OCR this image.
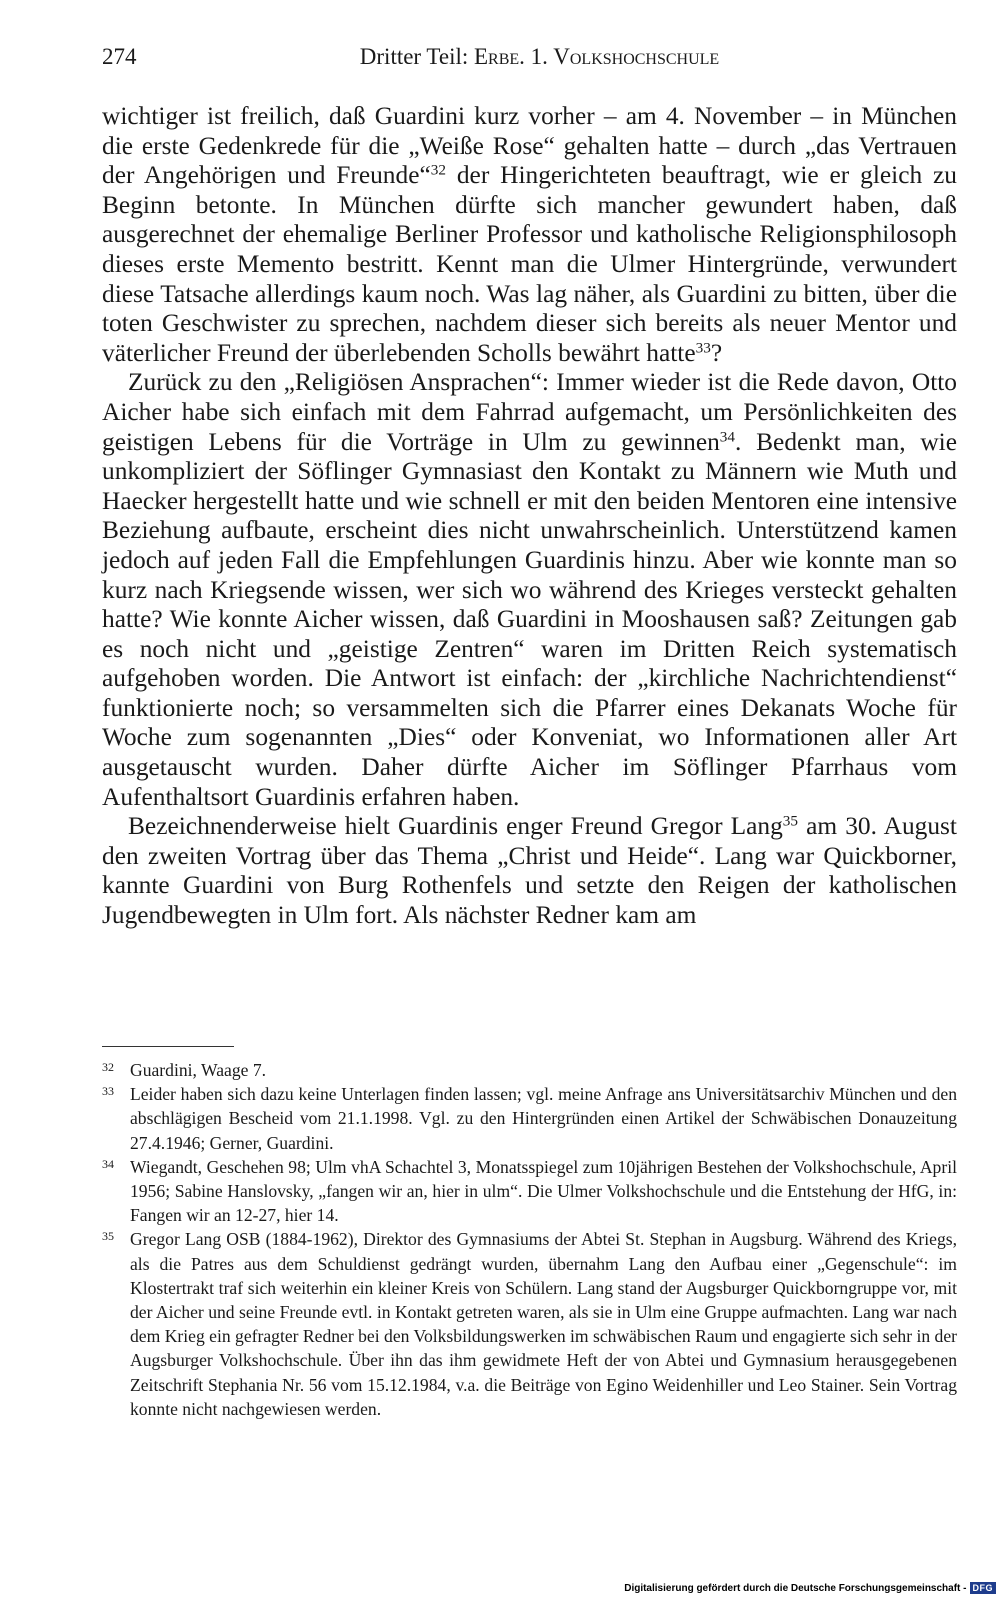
274	Dritter Teil: Erbe. 1. Volkshochschule

wichtiger ist freilich, daß Guardini kurz vorher – am 4. November – in München die erste Gedenkrede für die „Weiße Rose“ gehalten hatte – durch „das Vertrauen der Angehörigen und Freunde“$^{32}$ der Hingerichteten beauftragt, wie er gleich zu Beginn betonte. In München dürfte sich mancher gewundert haben, daß ausgerechnet der ehemalige Berliner Professor und katholische Religionsphilosoph dieses erste Memento bestritt. Kennt man die Ulmer Hintergründe, verwundert diese Tatsache allerdings kaum noch. Was lag näher, als Guardini zu bitten, über die toten Geschwister zu sprechen, nachdem dieser sich bereits als neuer Mentor und väterlicher Freund der überlebenden Scholls bewährt hatte$^{33}$?

Zurück zu den „Religiösen Ansprachen“: Immer wieder ist die Rede davon, Otto Aicher habe sich einfach mit dem Fahrrad aufgemacht, um Persönlichkeiten des geistigen Lebens für die Vorträge in Ulm zu gewinnen$^{34}$. Bedenkt man, wie unkompliziert der Söflinger Gymnasiast den Kontakt zu Männern wie Muth und Haecker hergestellt hatte und wie schnell er mit den beiden Mentoren eine intensive Beziehung aufbaute, erscheint dies nicht unwahrscheinlich. Unterstützend kamen jedoch auf jeden Fall die Empfehlungen Guardinis hinzu. Aber wie konnte man so kurz nach Kriegsende wissen, wer sich wo während des Krieges versteckt gehalten hatte? Wie konnte Aicher wissen, daß Guardini in Mooshausen saß? Zeitungen gab es noch nicht und „geistige Zentren“ waren im Dritten Reich systematisch aufgehoben worden. Die Antwort ist einfach: der „kirchliche Nachrichtendienst“ funktionierte noch; so versammelten sich die Pfarrer eines Dekanats Woche für Woche zum sogenannten „Dies“ oder Konveniat, wo Informationen aller Art ausgetauscht wurden. Daher dürfte Aicher im Söflinger Pfarrhaus vom Aufenthaltsort Guardinis erfahren haben.

Bezeichnenderweise hielt Guardinis enger Freund Gregor Lang$^{35}$ am 30. August den zweiten Vortrag über das Thema „Christ und Heide“. Lang war Quickborner, kannte Guardini von Burg Rothenfels und setzte den Reigen der katholischen Jugendbewegten in Ulm fort. Als nächster Redner kam am

32 Guardini, Waage 7.
33 Leider haben sich dazu keine Unterlagen finden lassen; vgl. meine Anfrage ans Universitätsarchiv München und den abschlägigen Bescheid vom 21.1.1998. Vgl. zu den Hintergründen einen Artikel der Schwäbischen Donauzeitung 27.4.1946; Gerner, Guardini.
34 Wiegandt, Geschehen 98; Ulm vhA Schachtel 3, Monatsspiegel zum 10jährigen Bestehen der Volkshochschule, April 1956; Sabine Hanslovsky, „fangen wir an, hier in ulm“. Die Ulmer Volkshochschule und die Entstehung der HfG, in: Fangen wir an 12-27, hier 14.
35 Gregor Lang OSB (1884-1962), Direktor des Gymnasiums der Abtei St. Stephan in Augsburg. Während des Kriegs, als die Patres aus dem Schuldienst gedrängt wurden, übernahm Lang den Aufbau einer „Gegenschule“: im Klostertrakt traf sich weiterhin ein kleiner Kreis von Schülern. Lang stand der Augsburger Quickborngruppe vor, mit der Aicher und seine Freunde evtl. in Kontakt getreten waren, als sie in Ulm eine Gruppe aufmachten. Lang war nach dem Krieg ein gefragter Redner bei den Volksbildungswerken im schwäbischen Raum und engagierte sich sehr in der Augsburger Volkshochschule. Über ihn das ihm gewidmete Heft der von Abtei und Gymnasium herausgegebenen Zeitschrift Stephania Nr. 56 vom 15.12.1984, v.a. die Beiträge von Egino Weidenhiller und Leo Stainer. Sein Vortrag konnte nicht nachgewiesen werden.
Digitalisierung gefördert durch die Deutsche Forschungsgemeinschaft - DFG
